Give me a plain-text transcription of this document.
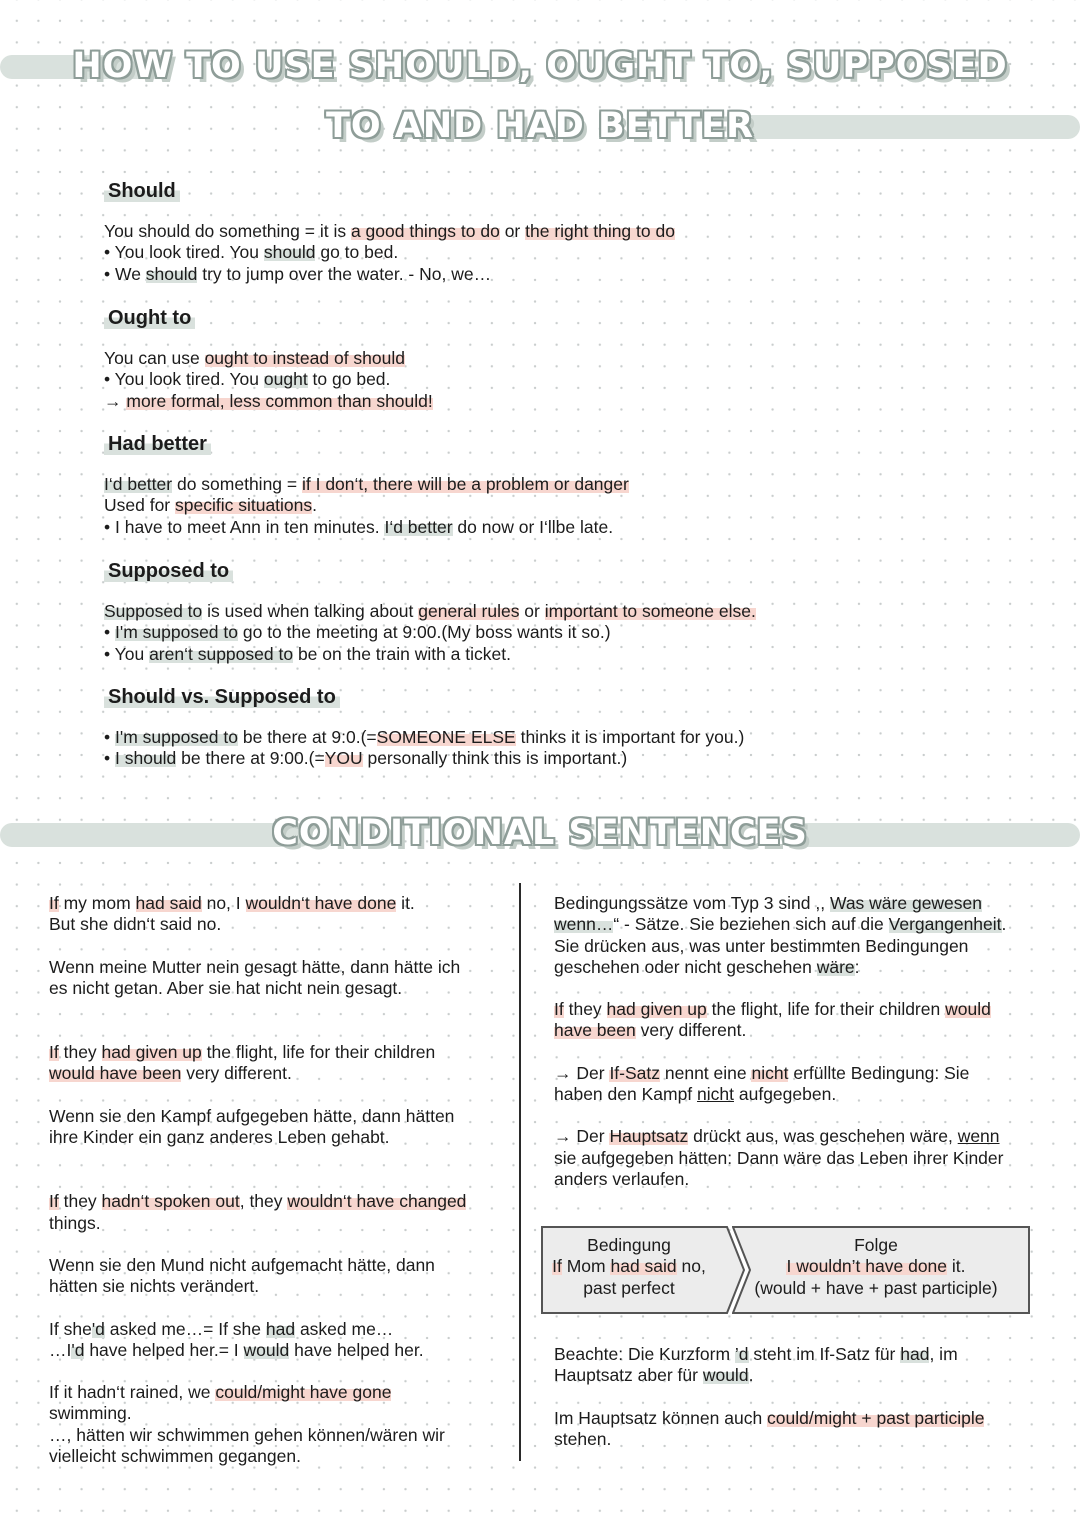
HOW TO USE SHOULD, OUGHT TO, SUPPOSED
TO AND HAD BETTER
Should

You should do something = it is a good things to do or the right thing to do

• You look tired. You should go to bed.

• We should try to jump over the water. - No, we…

Ought to

You can use ought to instead of should

• You look tired. You ought to go bed.

→ more formal, less common than should!

Had better

I‘d better do something = if I don‘t, there will be a problem or danger

Used for specific situations.

• I have to meet Ann in ten minutes. I‘d better do now or I‘llbe late.

Supposed to

Supposed to is used when talking about general rules or important to someone else.

• I'm supposed to go to the meeting at 9:00.(My boss wants it so.)

• You aren‘t supposed to be on the train with a ticket.

Should vs. Supposed to

• I'm supposed to be there at 9:0.(=SOMEONE ELSE thinks it is important for you.)

• I should be there at 9:00.(=YOU personally think this is important.)

CONDITIONAL SENTENCES

If my mom had said no, I wouldn‘t have done it.
But she didn‘t said no.

Wenn meine Mutter nein gesagt hätte, dann hätte ich
es nicht getan. Aber sie hat nicht nein gesagt.

If they had given up the flight, life for their children
would have been very different.

Wenn sie den Kampf aufgegeben hätte, dann hätten
ihre Kinder ein ganz anderes Leben gehabt.

If they hadn‘t spoken out, they wouldn‘t have changed
things.

Wenn sie den Mund nicht aufgemacht hätte, dann
hätten sie nichts verändert.

If she'd asked me…= If she had asked me…
…I'd have helped her.= I would have helped her.

If it hadn‘t rained, we could/might have gone
swimming.
…, hätten wir schwimmen gehen können/wären wir
vielleicht schwimmen gegangen.

Bedingungssätze vom Typ 3 sind ,, Was wäre gewesen
wenn…“ - Sätze. Sie beziehen sich auf die Vergangenheit.
Sie drücken aus, was unter bestimmten Bedingungen
geschehen oder nicht geschehen wäre:

If they had given up the flight, life for their children would
have been very different.

→ Der If-Satz nennt eine nicht erfüllte Bedingung: Sie
haben den Kampf nicht aufgegeben.

→ Der Hauptsatz drückt aus, was geschehen wäre, wenn
sie aufgegeben hätten: Dann wäre das Leben ihrer Kinder
anders verlaufen.

Bedingung
If Mom had said no,
past perfect
Folge
I wouldn’t have done it.
(would + have + past participle)

Beachte: Die Kurzform ’d steht im If-Satz für had, im
Hauptsatz aber für would.

Im Hauptsatz können auch could/might + past participle
stehen.
